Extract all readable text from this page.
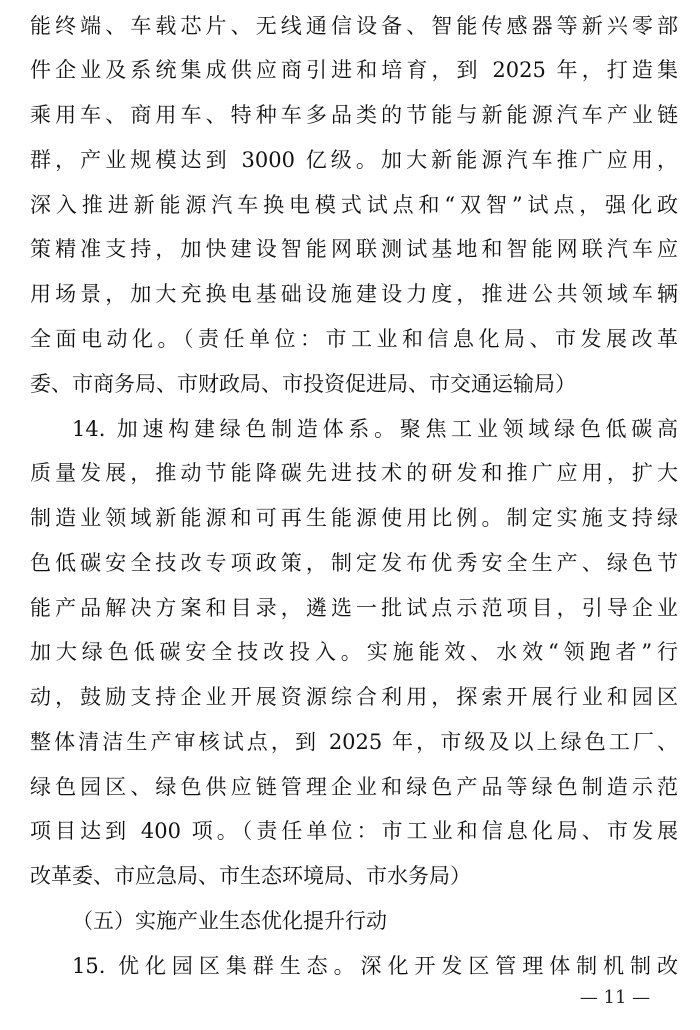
能终端、车载芯片、无线通信设备、智能传感器等新兴零部
件企业及系统集成供应商引进和培育，到 2025 年，打造集
乘用车、商用车、特种车多品类的节能与新能源汽车产业链
群，产业规模达到 3000 亿级。加大新能源汽车推广应用，
深入推进新能源汽车换电模式试点和“双智”试点，强化政
策精准支持，加快建设智能网联测试基地和智能网联汽车应
用场景，加大充换电基础设施建设力度，推进公共领域车辆
全面电动化。（责任单位：市工业和信息化局、市发展改革
委、市商务局、市财政局、市投资促进局、市交通运输局）
14. 加速构建绿色制造体系。聚焦工业领域绿色低碳高
质量发展，推动节能降碳先进技术的研发和推广应用，扩大
制造业领域新能源和可再生能源使用比例。制定实施支持绿
色低碳安全技改专项政策，制定发布优秀安全生产、绿色节
能产品解决方案和目录，遴选一批试点示范项目，引导企业
加大绿色低碳安全技改投入。实施能效、水效“领跑者”行
动，鼓励支持企业开展资源综合利用，探索开展行业和园区
整体清洁生产审核试点，到 2025 年，市级及以上绿色工厂、
绿色园区、绿色供应链管理企业和绿色产品等绿色制造示范
项目达到 400 项。（责任单位：市工业和信息化局、市发展
改革委、市应急局、市生态环境局、市水务局）
（五）实施产业生态优化提升行动
15. 优化园区集群生态。深化开发区管理体制机制改
— 11 —
